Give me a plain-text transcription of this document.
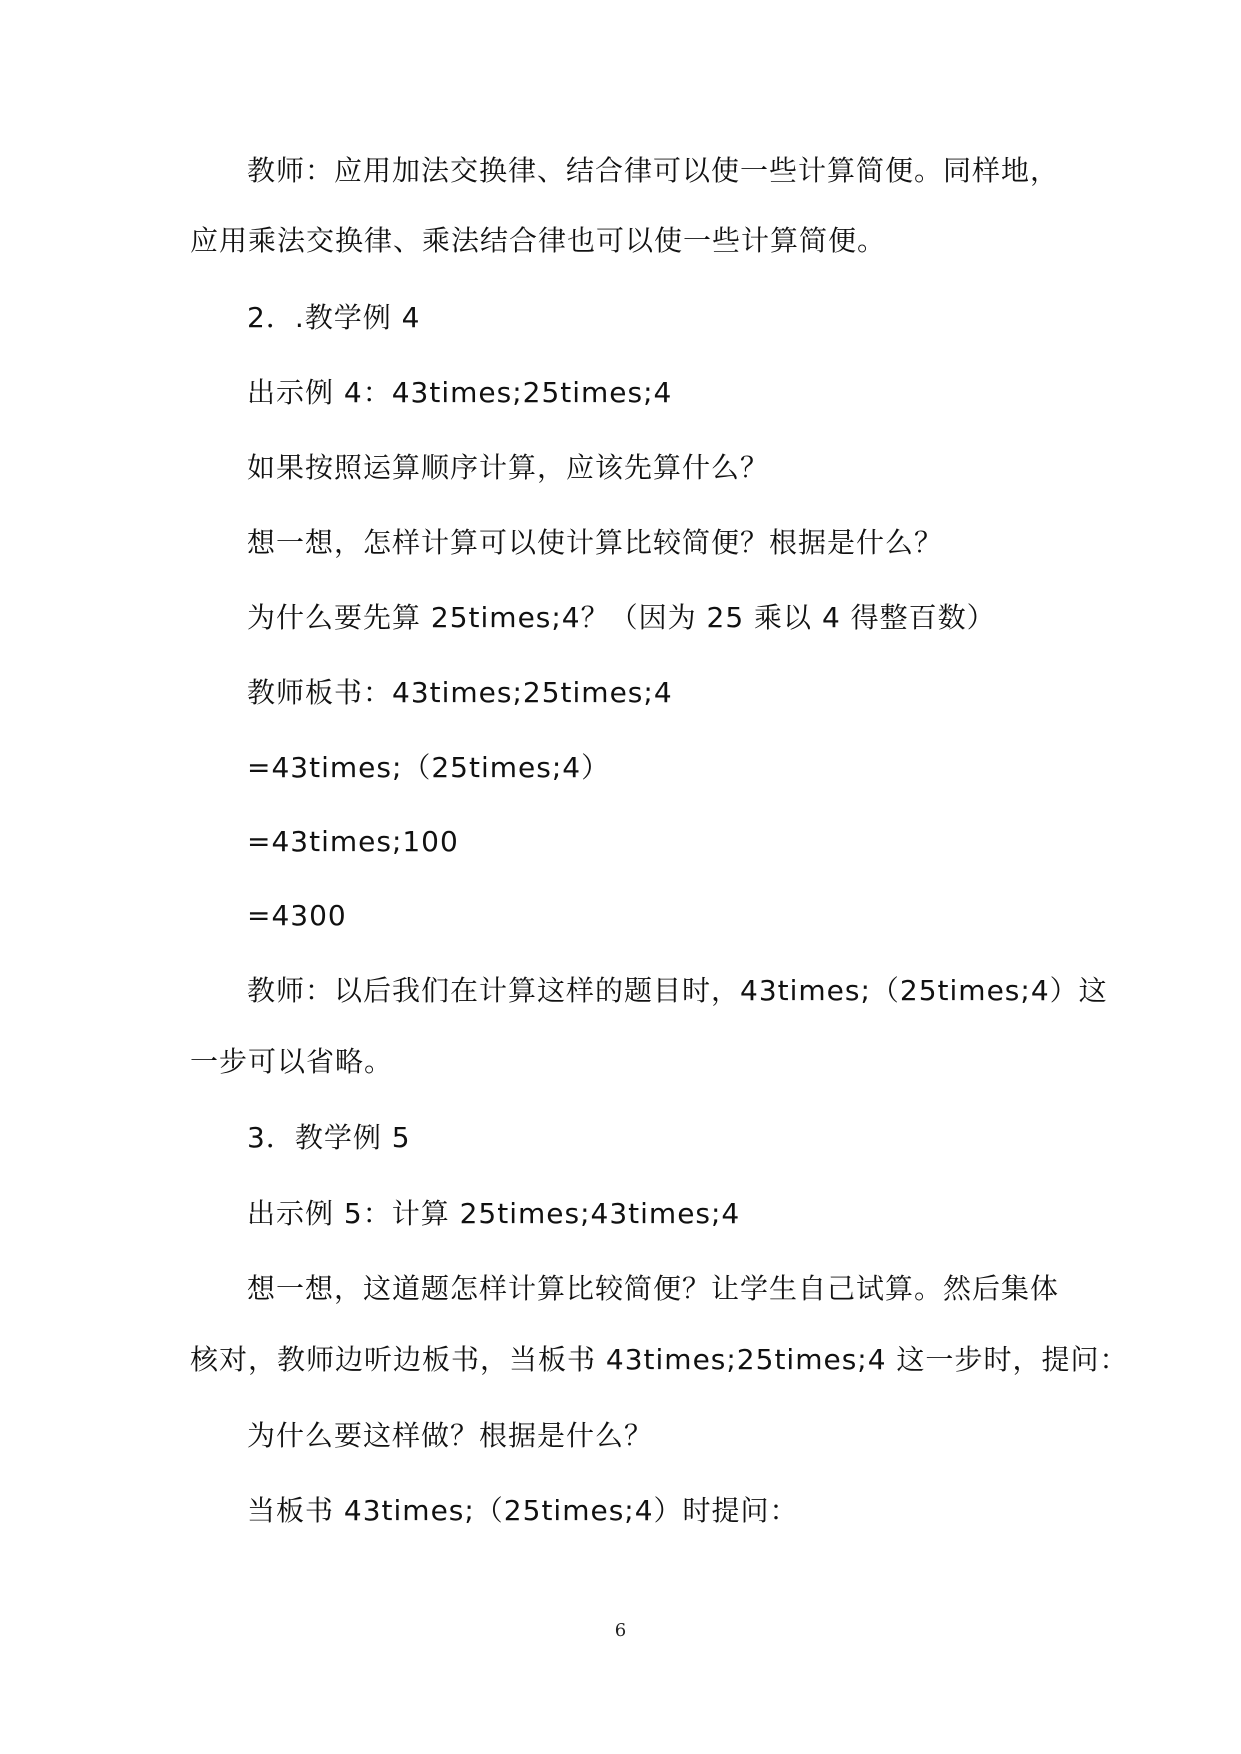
教师：应用加法交换律、结合律可以使一些计算简便。同样地，
应用乘法交换律、乘法结合律也可以使一些计算简便。
2．.教学例 4
出示例 4：43times;25times;4
如果按照运算顺序计算，应该先算什么？
想一想，怎样计算可以使计算比较简便？根据是什么？
为什么要先算 25times;4？（因为 25 乘以 4 得整百数）
教师板书：43times;25times;4
=43times;（25times;4）
=43times;100
=4300
教师：以后我们在计算这样的题目时，43times;（25times;4）这
一步可以省略。
3．教学例 5
出示例 5：计算 25times;43times;4
想一想，这道题怎样计算比较简便？让学生自己试算。然后集体
核对，教师边听边板书，当板书 43times;25times;4 这一步时，提问：
为什么要这样做？根据是什么？
当板书 43times;（25times;4）时提问：
6
